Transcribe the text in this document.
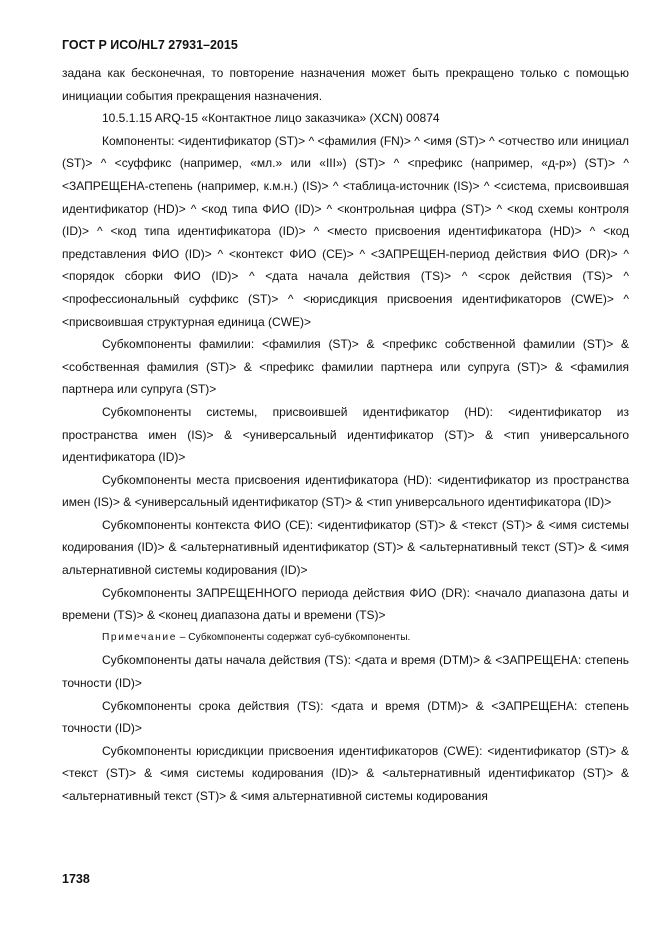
ГОСТ Р ИСО/HL7 27931–2015

задана как бесконечная, то повторение назначения может быть прекращено только с помощью инициации события прекращения назначения.

10.5.1.15 ARQ-15 «Контактное лицо заказчика» (XCN) 00874

Компоненты: <идентификатор (ST)> ^ <фамилия (FN)> ^ <имя (ST)> ^ <отчество или инициал (ST)> ^ <суффикс (например, «мл.» или «III») (ST)> ^ <префикс (например, «д-р») (ST)> ^ <ЗАПРЕЩЕНА-степень (например, к.м.н.) (IS)> ^ <таблица-источник (IS)> ^ <система, присвоившая идентификатор (HD)> ^ <код типа ФИО (ID)> ^ <контрольная цифра (ST)> ^ <код схемы контроля (ID)> ^ <код типа идентификатора (ID)> ^ <место присвоения идентификатора (HD)> ^ <код представления ФИО (ID)> ^ <контекст ФИО (CE)> ^ <ЗАПРЕЩЕН-период действия ФИО (DR)> ^ <порядок сборки ФИО (ID)> ^ <дата начала действия (TS)> ^ <срок действия (TS)> ^ <профессиональный суффикс (ST)> ^ <юрисдикция присвоения идентификаторов (CWE)> ^ <присвоившая структурная единица (CWE)>

Субкомпоненты фамилии: <фамилия (ST)> & <префикс собственной фамилии (ST)> & <собственная фамилия (ST)> & <префикс фамилии партнера или супруга (ST)> & <фамилия партнера или супруга (ST)>

Субкомпоненты системы, присвоившей идентификатор (HD): <идентификатор из пространства имен (IS)> & <универсальный идентификатор (ST)> & <тип универсального идентификатора (ID)>

Субкомпоненты места присвоения идентификатора (HD): <идентификатор из пространства имен (IS)> & <универсальный идентификатор (ST)> & <тип универсального идентификатора (ID)>

Субкомпоненты контекста ФИО (CE): <идентификатор (ST)> & <текст (ST)> & <имя системы кодирования (ID)> & <альтернативный идентификатор (ST)> & <альтернативный текст (ST)> & <имя альтернативной системы кодирования (ID)>

Субкомпоненты ЗАПРЕЩЕННОГО периода действия ФИО (DR): <начало диапазона даты и времени (TS)> & <конец диапазона даты и времени (TS)>

Примечание – Субкомпоненты содержат суб-субкомпоненты.

Субкомпоненты даты начала действия (TS): <дата и время (DTM)> & <ЗАПРЕЩЕНА: степень точности (ID)>

Субкомпоненты срока действия (TS): <дата и время (DTM)> & <ЗАПРЕЩЕНА: степень точности (ID)>

Субкомпоненты юрисдикции присвоения идентификаторов (CWE): <идентификатор (ST)> & <текст (ST)> & <имя системы кодирования (ID)> & <альтернативный идентификатор (ST)> & <альтернативный текст (ST)> & <имя альтернативной системы кодирования

1738
